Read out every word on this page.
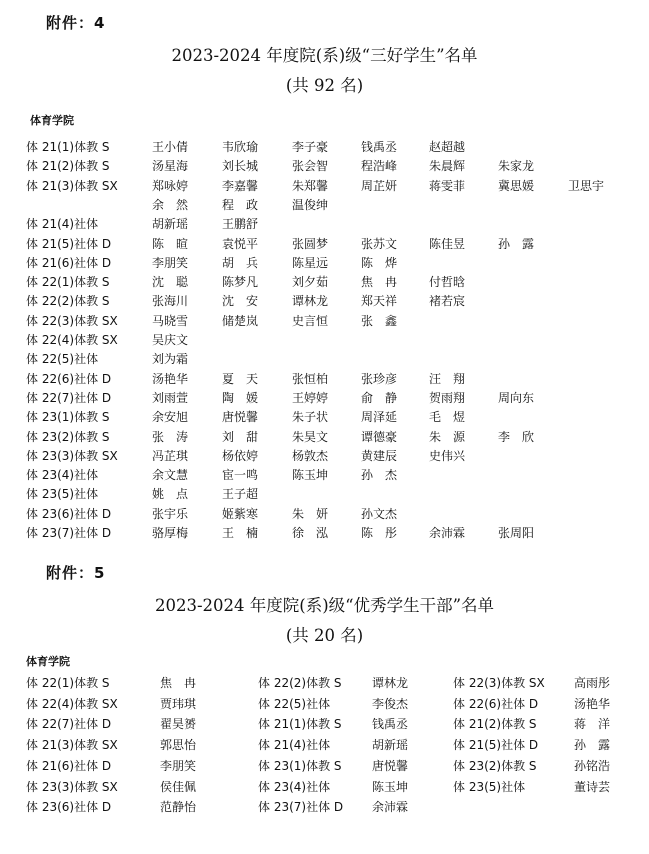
附件：4
2023-2024 年度院(系)级“三好学生”名单
(共 92 名)
体育学院
体 21(1)体教 S	王小倩	韦欣瑜	李子豪	钱禹丞	赵超越
体 21(2)体教 S	汤星海	刘长城	张会智	程浩峰	朱晨辉	朱家龙
体 21(3)体教 SX	郑咏婷	李嘉馨	朱郑馨	周芷妍	蒋雯菲	冀思媛	卫思宇
余　然	程　政	温俊绅
体 21(4)社体	胡新瑶	王鹏舒
体 21(5)社体 D	陈　暄	袁悦平	张圆梦	张苏文	陈佳昱	孙　露
体 21(6)社体 D	李朋笑	胡　兵	陈星远	陈　烨
体 22(1)体教 S	沈　聪	陈梦凡	刘夕茹	焦　冉	付哲晗
体 22(2)体教 S	张海川	沈　安	谭林龙	郑天祥	褚若宸
体 22(3)体教 SX	马晓雪	储楚岚	史言恒	张　鑫
体 22(4)体教 SX	吴庆文
体 22(5)社体	刘为霜
体 22(6)社体 D	汤艳华	夏　天	张恒柏	张珍彦	汪　翔
体 22(7)社体 D	刘雨萱	陶　媛	王婷婷	俞　静	贺雨翔	周向东
体 23(1)体教 S	余安旭	唐悦馨	朱子状	周泽延	毛　煜
体 23(2)体教 S	张　涛	刘　甜	朱昊文	谭德豪	朱　源	李　欣
体 23(3)体教 SX	冯芷琪	杨依婷	杨敦杰	黄建辰	史伟兴
体 23(4)社体	余文慧	宦一鸣	陈玉坤	孙　杰
体 23(5)社体	姚　点	王子超
体 23(6)社体 D	张宇乐	姬紫寒	朱　妍	孙文杰
体 23(7)社体 D	骆厚梅	王　楠	徐　泓	陈　彤	余沛霖	张周阳
附件：5
2023-2024 年度院(系)级“优秀学生干部”名单
(共 20 名)
体育学院
体 22(1)体教 S	焦　冉	体 22(2)体教 S	谭林龙	体 22(3)体教 SX 高雨彤
体 22(4)体教 SX	贾玮琪	体 22(5)社体	李俊杰	体 22(6)社体 D	汤艳华
体 22(7)社体 D	翟昊赟	体 21(1)体教 S	钱禹丞	体 21(2)体教 S	蒋　洋
体 21(3)体教 SX	郭思怡	体 21(4)社体	胡新瑶	体 21(5)社体 D	孙　露
体 21(6)社体 D	李朋笑	体 23(1)体教 S	唐悦馨	体 23(2)体教 S	孙铭浩
体 23(3)体教 SX	侯佳佩	体 23(4)社体	陈玉坤	体 23(5)社体	董诗芸
体 23(6)社体 D	范静怡	体 23(7)社体 D 余沛霖
